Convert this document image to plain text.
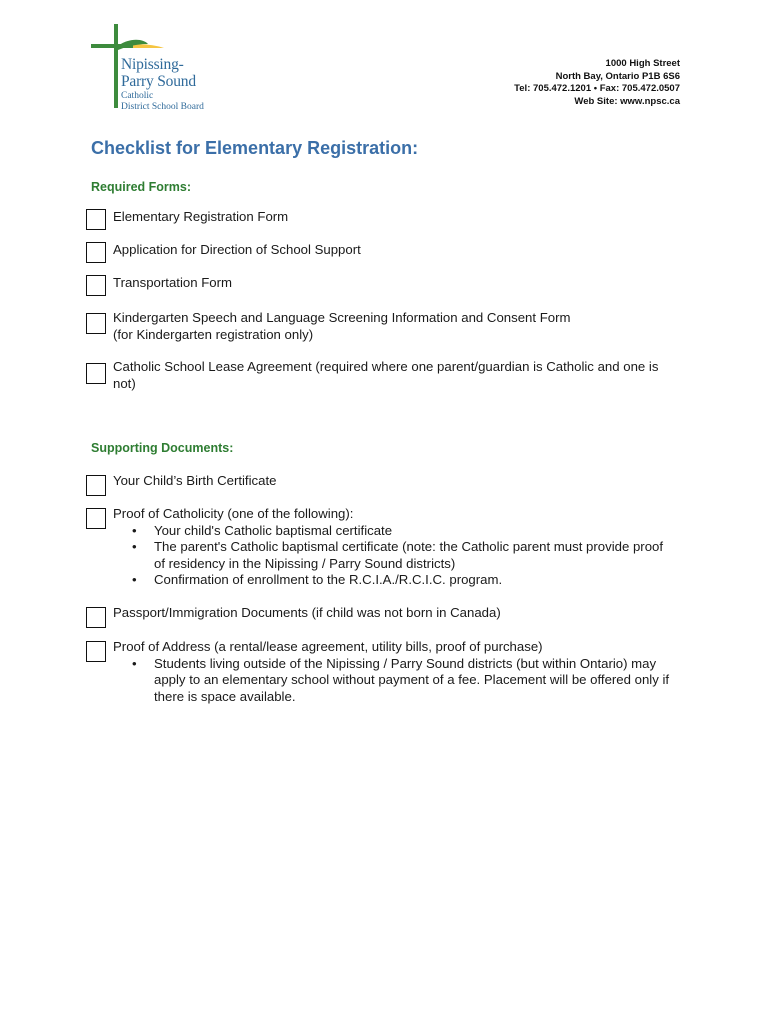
Nipissing-
Parry Sound
Catholic
District School Board
1000 High Street
North Bay, Ontario P1B 6S6
Tel: 705.472.1201 • Fax: 705.472.0507
Web Site: www.npsc.ca
Checklist for Elementary Registration:
Required Forms:
Elementary Registration Form
Application for Direction of School Support
Transportation Form
Kindergarten Speech and Language Screening Information and Consent Form
(for Kindergarten registration only)
Catholic School Lease Agreement (required where one parent/guardian is Catholic and one is not)
Supporting Documents:
Your Child’s Birth Certificate
Proof of Catholicity (one of the following):
• Your child's Catholic baptismal certificate
• The parent's Catholic baptismal certificate (note: the Catholic parent must provide proof of residency in the Nipissing / Parry Sound districts)
• Confirmation of enrollment to the R.C.I.A./R.C.I.C. program.
Passport/Immigration Documents (if child was not born in Canada)
Proof of Address (a rental/lease agreement, utility bills, proof of purchase)
• Students living outside of the Nipissing / Parry Sound districts (but within Ontario) may apply to an elementary school without payment of a fee. Placement will be offered only if there is space available.
